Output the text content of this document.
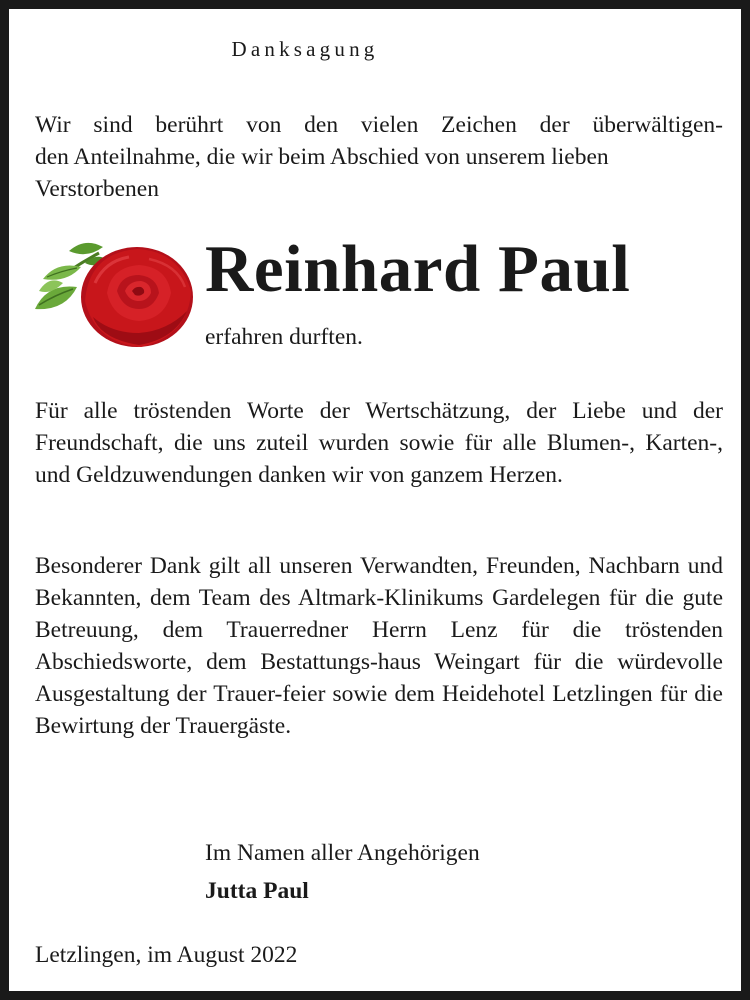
Danksagung
Wir sind berührt von den vielen Zeichen der überwältigen-
den Anteilnahme, die wir beim Abschied von unserem lieben Verstorbenen
Reinhard Paul
erfahren durften.
Für alle tröstenden Worte der Wertschätzung, der Liebe und der Freundschaft, die uns zuteil wurden sowie für alle Blumen-, Karten-, und Geldzuwendungen danken wir von ganzem Herzen.
Besonderer Dank gilt all unseren Verwandten, Freunden, Nachbarn und Bekannten, dem Team des Altmark-Klinikums Gardelegen für die gute Betreuung, dem Trauerredner Herrn Lenz für die tröstenden Abschiedsworte, dem Bestattungs-haus Weingart für die würdevolle Ausgestaltung der Trauer-feier sowie dem Heidehotel Letzlingen für die Bewirtung der Trauergäste.
Im Namen aller Angehörigen
Jutta Paul
Letzlingen, im August 2022
